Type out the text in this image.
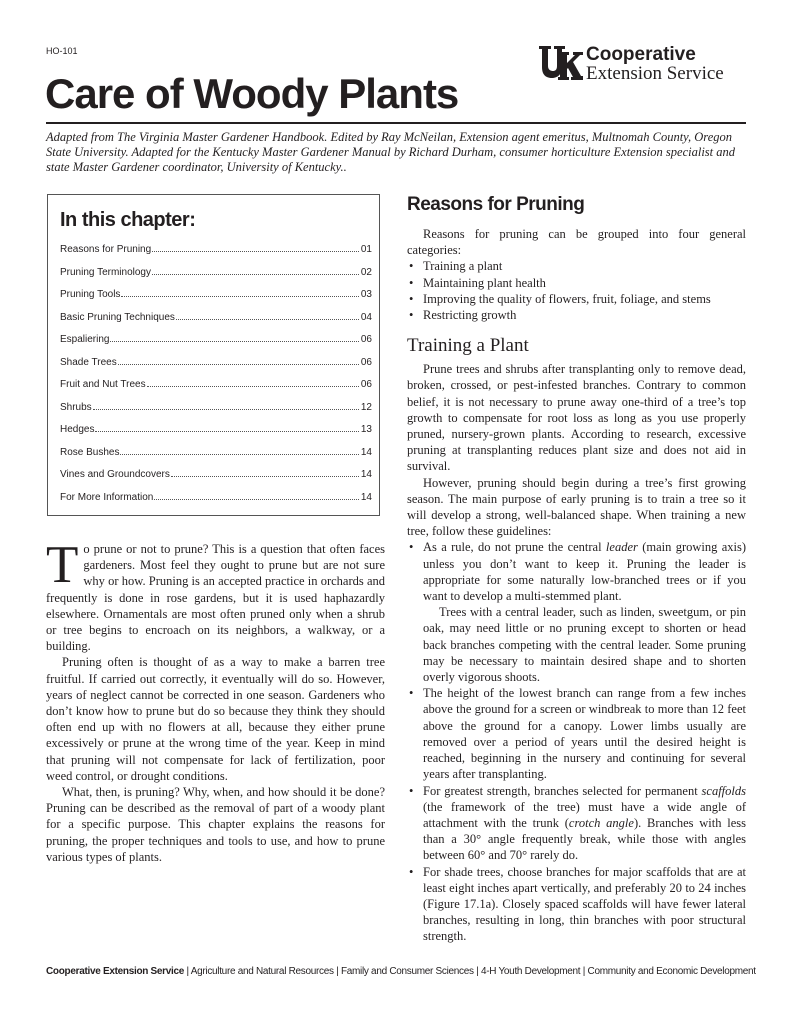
HO-101	Cooperative
Extension Service
Care of Woody Plants
Adapted from The Virginia Master Gardener Handbook. Edited by Ray McNeilan, Extension agent emeritus, Multnomah County, Oregon State University. Adapted for the Kentucky Master Gardener Manual by Richard Durham, consumer horticulture Extension specialist and state Master Gardener coordinator, University of Kentucky..
In this chapter:
Reasons for Pruning	01
Pruning Terminology	02
Pruning Tools	03
Basic Pruning Techniques	04
Espaliering	06
Shade Trees	06
Fruit and Nut Trees	06
Shrubs	12
Hedges	13
Rose Bushes	14
Vines and Groundcovers	14
For More Information	14

To prune or not to prune? This is a question that often faces gardeners. Most feel they ought to prune but are not sure why or how. Pruning is an accepted practice in orchards and frequently is done in rose gardens, but it is used haphazardly elsewhere. Ornamentals are most often pruned only when a shrub or tree begins to encroach on its neighbors, a walkway, or a building.

Pruning often is thought of as a way to make a barren tree fruitful. If carried out correctly, it eventually will do so. However, years of neglect cannot be corrected in one season. Gardeners who don’t know how to prune but do so because they think they should often end up with no flowers at all, because they either prune excessively or prune at the wrong time of the year. Keep in mind that pruning will not compensate for lack of fertilization, poor weed control, or drought conditions.

What, then, is pruning? Why, when, and how should it be done? Pruning can be described as the removal of part of a woody plant for a specific purpose. This chapter explains the reasons for pruning, the proper techniques and tools to use, and how to prune various types of plants.

Reasons for Pruning

Reasons for pruning can be grouped into four general categories:

• Training a plant
• Maintaining plant health
• Improving the quality of flowers, fruit, foliage, and stems
• Restricting growth
Training a Plant

Prune trees and shrubs after transplanting only to remove dead, broken, crossed, or pest-infested branches. Contrary to common belief, it is not necessary to prune away one-third of a tree’s top growth to compensate for root loss as long as you use properly pruned, nursery-grown plants. According to research, excessive pruning at transplanting reduces plant size and does not aid in survival.

However, pruning should begin during a tree’s first growing season. The main purpose of early pruning is to train a tree so it will develop a strong, well-balanced shape. When training a new tree, follow these guidelines:

• As a rule, do not prune the central leader (main growing axis) unless you don’t want to keep it. Pruning the leader is appropriate for some naturally low-branched trees or if you want to develop a multi-stemmed plant.
Trees with a central leader, such as linden, sweetgum, or pin oak, may need little or no pruning except to shorten or head back branches competing with the central leader. Some pruning may be necessary to maintain desired shape and to shorten overly vigorous shoots.
• The height of the lowest branch can range from a few inches above the ground for a screen or windbreak to more than 12 feet above the ground for a canopy. Lower limbs usually are removed over a period of years until the desired height is reached, beginning in the nursery and continuing for several years after transplanting.
• For greatest strength, branches selected for permanent scaffolds (the framework of the tree) must have a wide angle of attachment with the trunk (crotch angle). Branches with less than a 30° angle frequently break, while those with angles between 60° and 70° rarely do.
• For shade trees, choose branches for major scaffolds that are at least eight inches apart vertically, and preferably 20 to 24 inches (Figure 17.1a). Closely spaced scaffolds will have fewer lateral branches, resulting in long, thin branches with poor structural strength.
Cooperative Extension Service | Agriculture and Natural Resources | Family and Consumer Sciences | 4-H Youth Development | Community and Economic Development
